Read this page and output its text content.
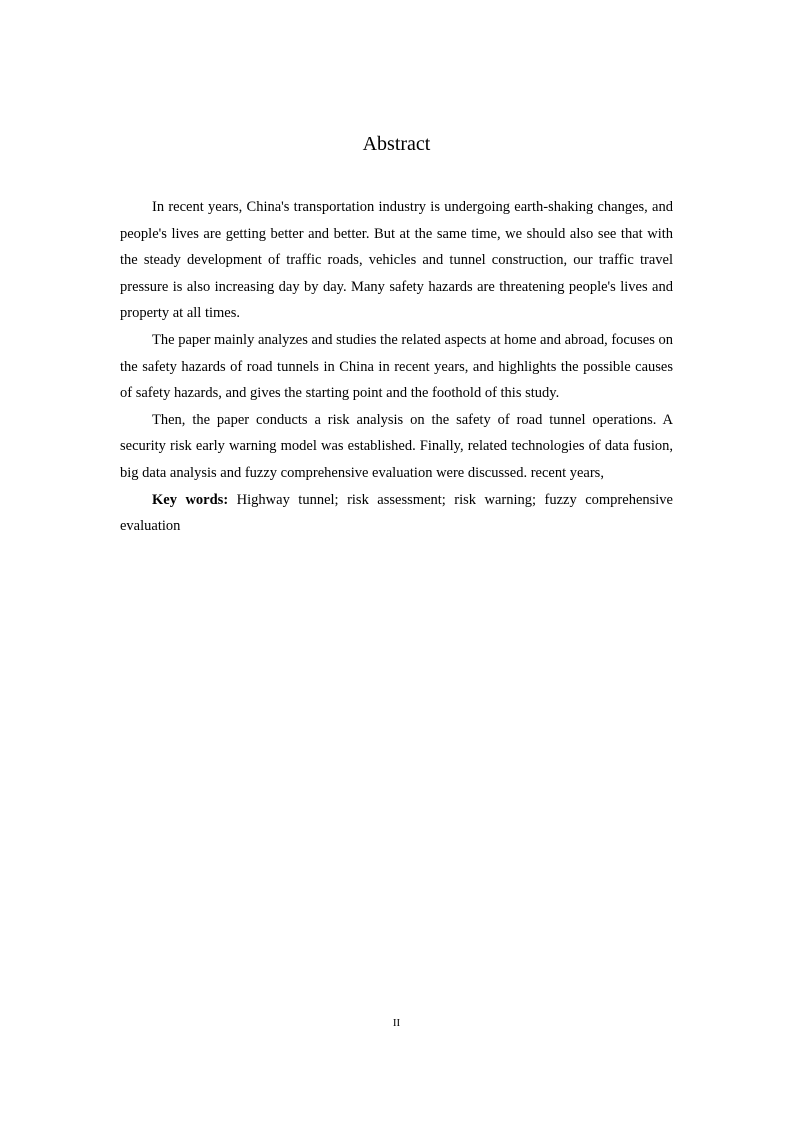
Abstract

In recent years, China's transportation industry is undergoing earth-shaking changes, and people's lives are getting better and better. But at the same time, we should also see that with the steady development of traffic roads, vehicles and tunnel construction, our traffic travel pressure is also increasing day by day. Many safety hazards are threatening people's lives and property at all times.

The paper mainly analyzes and studies the related aspects at home and abroad, focuses on the safety hazards of road tunnels in China in recent years, and highlights the possible causes of safety hazards, and gives the starting point and the foothold of this study.

Then, the paper conducts a risk analysis on the safety of road tunnel operations. A security risk early warning model was established. Finally, related technologies of data fusion, big data analysis and fuzzy comprehensive evaluation were discussed. recent years,

Key words: Highway tunnel; risk assessment; risk warning; fuzzy comprehensive evaluation

II
